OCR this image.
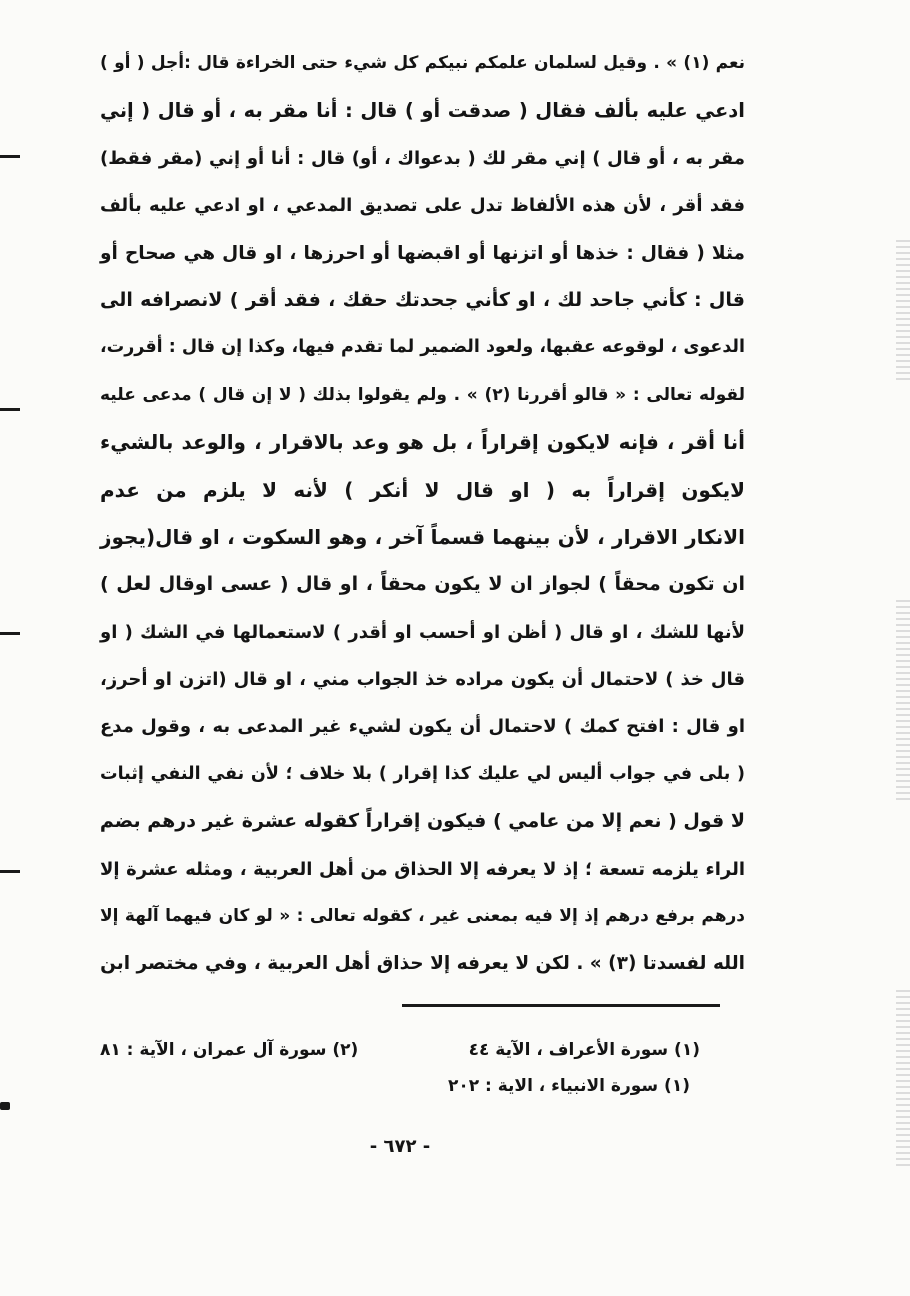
نعم (١) » . وقيل لسلمان علمكم نبيكم كل شيء حتى الخراءة قال :أجل ( أو )
ادعي عليه بألف فقال ( صدقت أو ) قال : أنا مقر به ، أو قال ( إني
مقر به ، أو قال ) إني مقر لك ( بدعواك ، أو) قال : أنا أو إني (مقر فقط)
فقد أقر ، لأن هذه الألفاظ تدل على تصديق المدعي ، او ادعي عليه بألف
مثلا ( فقال : خذها أو اتزنها أو اقبضها أو احرزها ، او قال هي صحاح أو
قال : كأني جاحد لك ، او كأني جحدتك حقك ، فقد أقر ) لانصرافه الى
الدعوى ، لوقوعه عقبها، ولعود الضمير لما تقدم فيها، وكذا إن قال : أقررت،
لقوله تعالى : « قالو أقررنا (٢) » . ولم يقولوا بذلك ( لا إن قال ) مدعى عليه
أنا أقر ، فإنه لايكون إقراراً ، بل هو وعد بالاقرار ، والوعد بالشيء
لايكون إقراراً به ( او قال لا أنكر ) لأنه لا يلزم من عدم
الانكار الاقرار ، لأن بينهما قسماً آخر ، وهو السكوت ، او قال(يجوز
ان تكون محقاً ) لجواز ان لا يكون محقاً ، او قال ( عسى اوقال لعل )
لأنها للشك ، او قال ( أظن او أحسب او أقدر ) لاستعمالها في الشك ( او
قال خذ ) لاحتمال أن يكون مراده خذ الجواب مني ، او قال (اتزن او أحرز،
او قال : افتح كمك ) لاحتمال أن يكون لشيء غير المدعى به ، وقول مدع
( بلى في جواب أليس لي عليك كذا إقرار ) بلا خلاف ؛ لأن نفي النفي إثبات
لا قول ( نعم إلا من عامي ) فيكون إقراراً كقوله عشرة غير درهم بضم
الراء يلزمه تسعة ؛ إذ لا يعرفه إلا الحذاق من أهل العربية ، ومثله عشرة إلا
درهم برفع درهم إذ إلا فيه بمعنى غير ، كقوله تعالى : « لو كان فيهما آلهة إلا
الله لفسدتا (٣) » . لكن لا يعرفه إلا حذاق أهل العربية ، وفي مختصر ابن
(١) سورة الأعراف ، الآية ٤٤
(٢) سورة آل عمران ، الآية : ٨١
(١) سورة الانبياء ، الاية : ٢٠٢
- ٦٧٢ -
